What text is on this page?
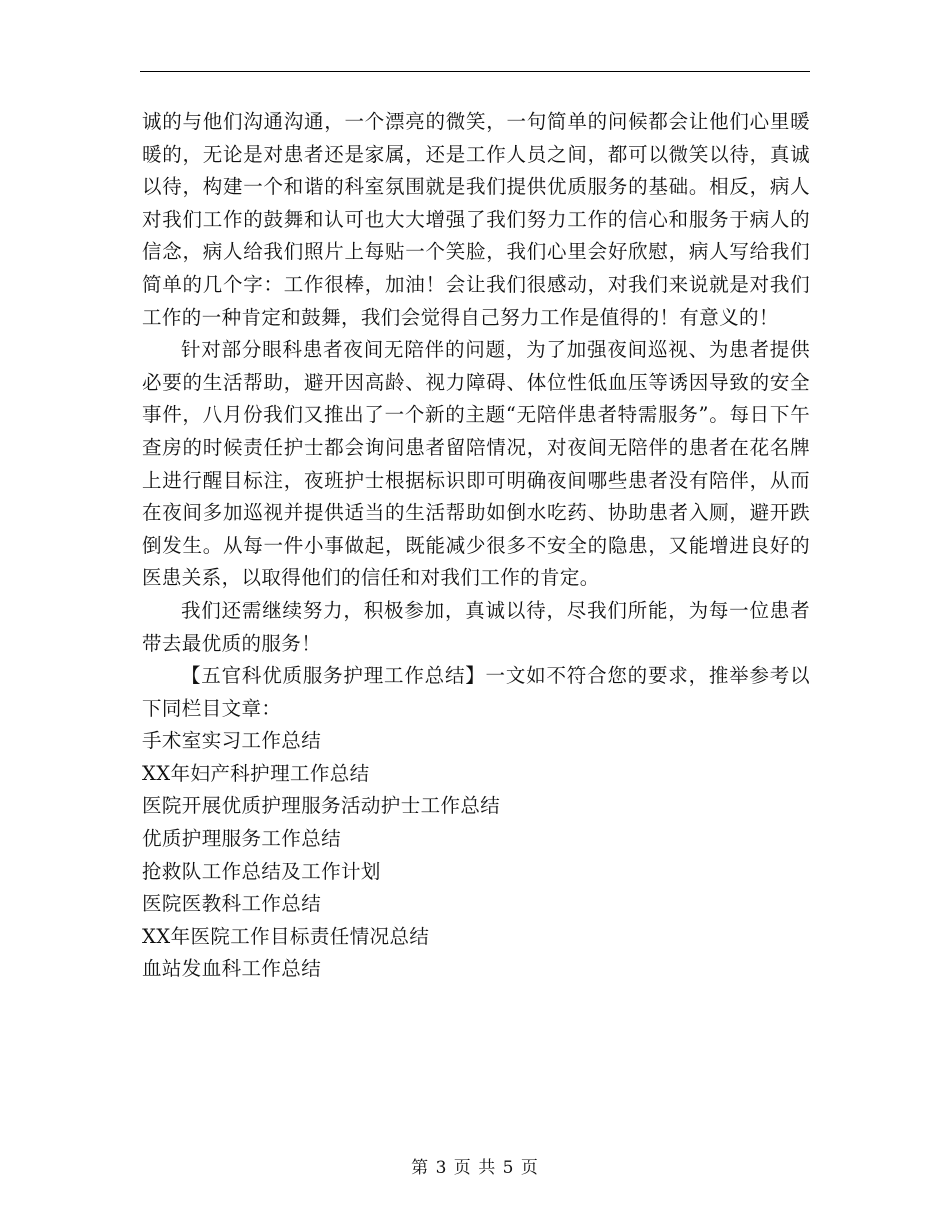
诚的与他们沟通沟通，一个漂亮的微笑，一句简单的问候都会让他们心里暖暖的，无论是对患者还是家属，还是工作人员之间，都可以微笑以待，真诚以待，构建一个和谐的科室氛围就是我们提供优质服务的基础。相反，病人对我们工作的鼓舞和认可也大大增强了我们努力工作的信心和服务于病人的信念，病人给我们照片上每贴一个笑脸，我们心里会好欣慰，病人写给我们简单的几个字：工作很棒，加油！会让我们很感动，对我们来说就是对我们工作的一种肯定和鼓舞，我们会觉得自己努力工作是值得的！有意义的！

针对部分眼科患者夜间无陪伴的问题，为了加强夜间巡视、为患者提供必要的生活帮助，避开因高龄、视力障碍、体位性低血压等诱因导致的安全事件，八月份我们又推出了一个新的主题“无陪伴患者特需服务”。每日下午查房的时候责任护士都会询问患者留陪情况，对夜间无陪伴的患者在花名牌上进行醒目标注，夜班护士根据标识即可明确夜间哪些患者没有陪伴，从而在夜间多加巡视并提供适当的生活帮助如倒水吃药、协助患者入厕，避开跌倒发生。从每一件小事做起，既能减少很多不安全的隐患，又能增进良好的医患关系，以取得他们的信任和对我们工作的肯定。

我们还需继续努力，积极参加，真诚以待，尽我们所能，为每一位患者带去最优质的服务！

【五官科优质服务护理工作总结】一文如不符合您的要求，推举参考以下同栏目文章：

手术室实习工作总结
XX年妇产科护理工作总结
医院开展优质护理服务活动护士工作总结
优质护理服务工作总结
抢救队工作总结及工作计划
医院医教科工作总结
XX年医院工作目标责任情况总结
血站发血科工作总结
第 3 页 共 5 页
